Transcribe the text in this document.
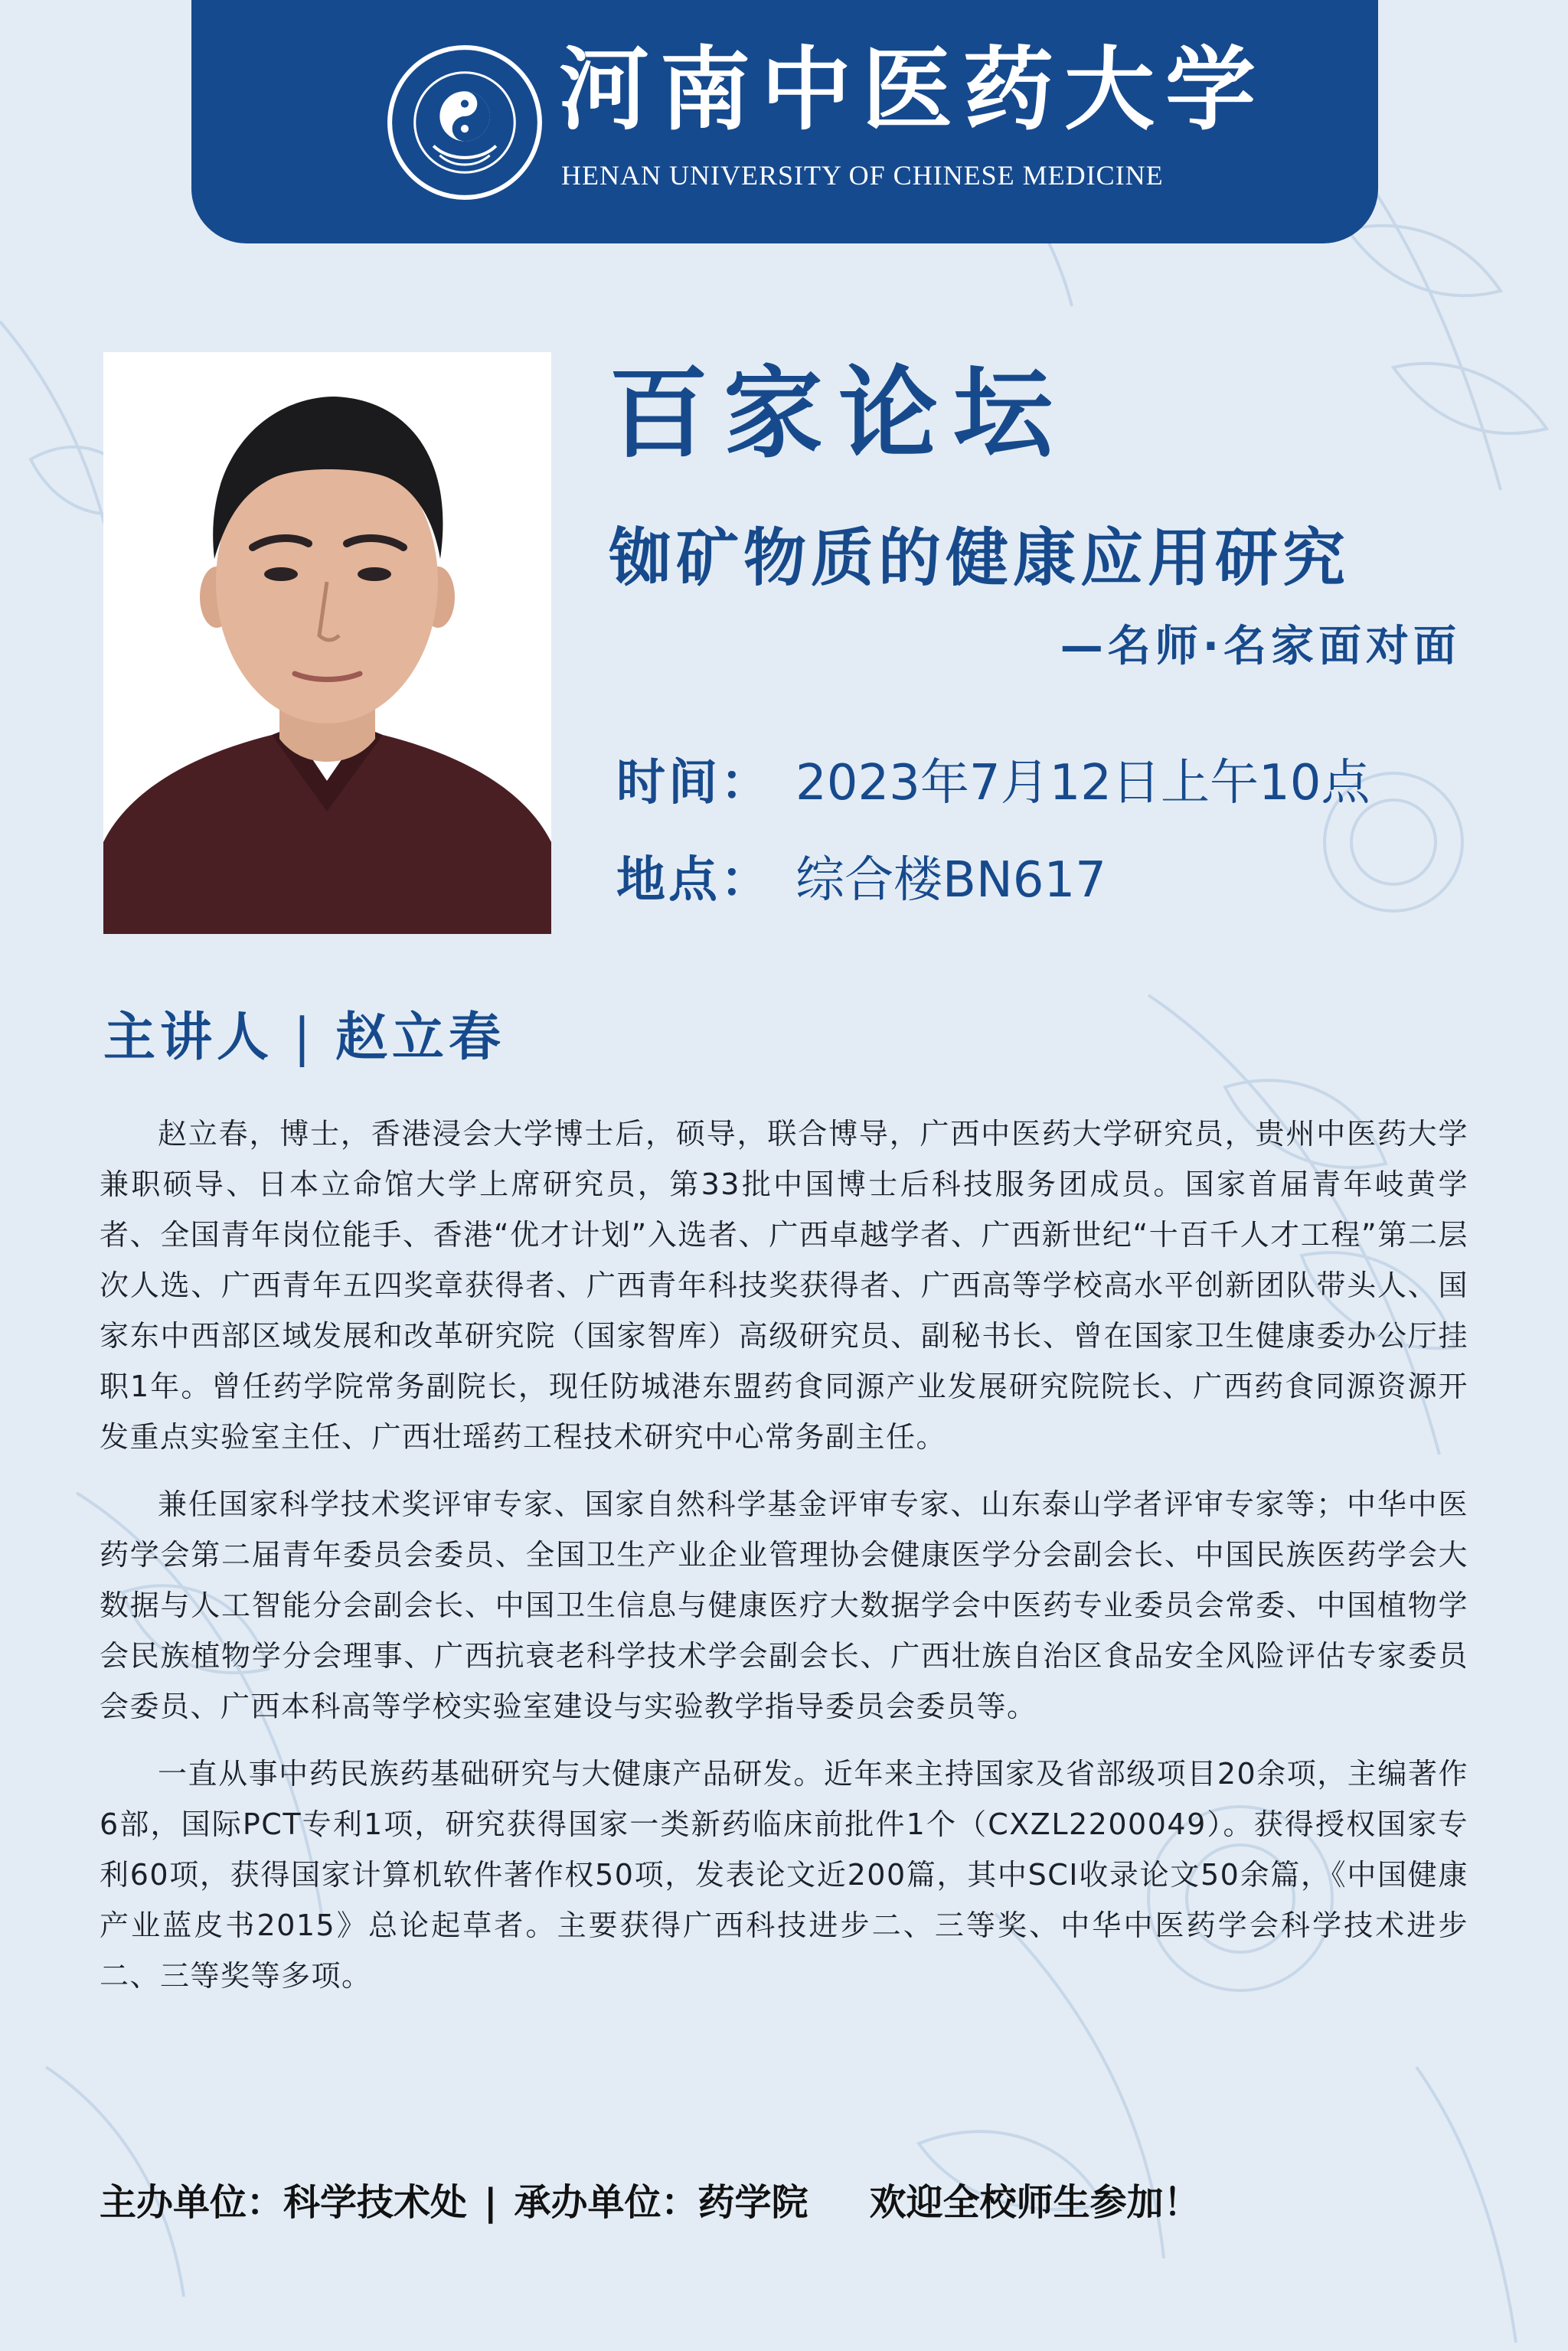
河南中医药大学
HENAN UNIVERSITY OF CHINESE MEDICINE
百家论坛
铷矿物质的健康应用研究
—名师·名家面对面
时间： 2023年7月12日上午10点
地点： 综合楼BN617
主讲人 | 赵立春

赵立春，博士，香港浸会大学博士后，硕导，联合博导，广西中医药大学研究员，贵州中医药大学兼职硕导、日本立命馆大学上席研究员，第33批中国博士后科技服务团成员。国家首届青年岐黄学者、全国青年岗位能手、香港“优才计划”入选者、广西卓越学者、广西新世纪“十百千人才工程”第二层次人选、广西青年五四奖章获得者、广西青年科技奖获得者、广西高等学校高水平创新团队带头人、国家东中西部区域发展和改革研究院（国家智库）高级研究员、副秘书长、曾在国家卫生健康委办公厅挂职1年。曾任药学院常务副院长，现任防城港东盟药食同源产业发展研究院院长、广西药食同源资源开发重点实验室主任、广西壮瑶药工程技术研究中心常务副主任。

兼任国家科学技术奖评审专家、国家自然科学基金评审专家、山东泰山学者评审专家等；中华中医药学会第二届青年委员会委员、全国卫生产业企业管理协会健康医学分会副会长、中国民族医药学会大数据与人工智能分会副会长、中国卫生信息与健康医疗大数据学会中医药专业委员会常委、中国植物学会民族植物学分会理事、广西抗衰老科学技术学会副会长、广西壮族自治区食品安全风险评估专家委员会委员、广西本科高等学校实验室建设与实验教学指导委员会委员等。

一直从事中药民族药基础研究与大健康产品研发。近年来主持国家及省部级项目20余项，主编著作6部，国际PCT专利1项，研究获得国家一类新药临床前批件1个（CXZL2200049）。获得授权国家专利60项，获得国家计算机软件著作权50项，发表论文近200篇，其中SCI收录论文50余篇，《中国健康产业蓝皮书2015》总论起草者。主要获得广西科技进步二、三等奖、中华中医药学会科学技术进步二、三等奖等多项。

主办单位：科学技术处 | 承办单位：药学院 欢迎全校师生参加！
